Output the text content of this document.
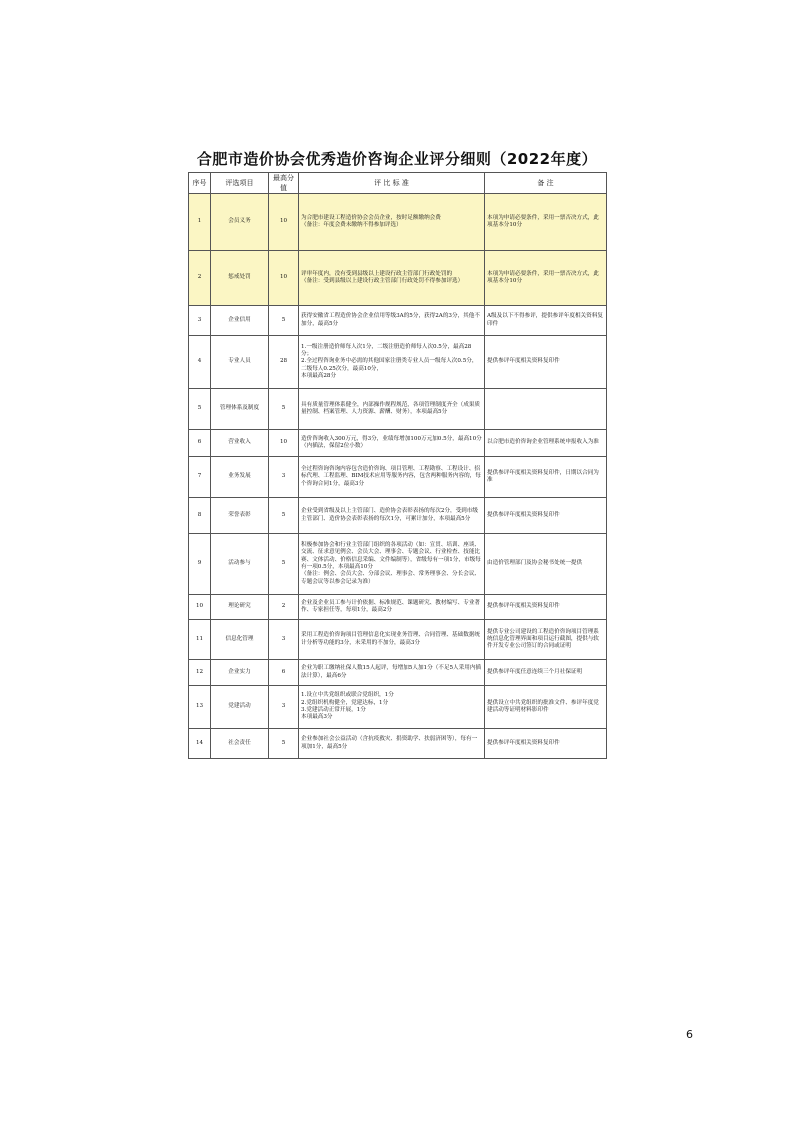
合肥市造价协会优秀造价咨询企业评分细则（2022年度）
序号	评选项目	最高分值	评 比 标 准	备 注
1	会员义务	10	为合肥市建设工程造价协会会员企业，按时足额缴纳会费
（备注：年度会费未缴纳不得参加评选）	本项为申请必要条件，采用一票否决方式，此项基本分10分
2	惩戒处罚	10	评审年度内，没有受到县级以上建设行政主管部门行政处罚的
（备注：受到县级以上建设行政主管部门行政处罚不得参加评选）	本项为申请必要条件，采用一票否决方式，此项基本分10分
3	企业信用	5	获得安徽省工程造价协会企业信用等级3A的5分，获得2A的3分，其他不加分，最高5分	A级及以下不得参评，提供参评年度相关资料复印件
4	专业人员	28	1.一级注册造价师每人次1分，二级注册造价师每人次0.5分，最高28分；
2.全过程咨询业务中必需的其他国家注册类专业人员一级每人次0.5分，二级每人0.25次分，最高10分，
本项最高28分	提供参评年度相关资料复印件
5	管理体系及制度	5	具有质量管理体系健全，内部操作规程规范，各项管理制度齐全（成果质量控制、档案管理、人力资源、薪酬、财务），本项最高5分	

6	营业收入	10	造价咨询收入300万元，得3分，业绩每增加100万元加0.5分，最高10分　（内插法，保留2位小数）	以合肥市造价咨询企业管理系统申报收入为准
7	业务发展	3	全过程咨询咨询内容包含造价咨询、项目管理、工程勘察、工程设计、招标代理、工程监理、BIM技术应用等服务内容，包含两种服务内容的，每个咨询合同1分，最高3分	提供参评年度相关资料复印件，日期以合同为准
8	荣誉表彰	5	企业受到省级及以上主管部门、造价协会表彰表扬的每次2分，受到市级主管部门、造价协会表彰表扬的每次1分，可累计加分，本项最高5分	提供参评年度相关资料复印件
9	活动参与	5	积极参加协会和行业主管部门组织的各项活动（如：宣贯、培训、座谈、交流、征求意见例会、会员大会、理事会、专题会议、行业检查、技能比赛、文体活动、价格信息采编、文件编制等），省级每有一项1分，市级每有一项0.5分，本项最高10分
（备注：例会、会员大会、分部会议、理事会、常务理事会、分长会议、专题会议等以参会记录为准）	由造价管理部门及协会秘书处统一提供
10	理论研究	2	企业及企业员工参与计价依据、标准规范、课题研究、教材编写、专业著作、专家担任等，每项1分，最高2分	提供参评年度相关资料复印件
11	信息化管理	3	采用工程造价咨询项目管理信息化实现业务管理、合同管理、基础数据统计分析等功能的3分，未采用的不加分，最高3分	提供专业公司建设的工程造价咨询项目管理系统信息化管理界面和项目运行截图，提供与软件开发专业公司签订的合同或证明
12	企业实力	6	企业为职工缴纳社保人数15人起评，每增加5人加1分（不足5人采用内插法计算），最高6分	提供参评年度任意连续三个月社保证明
13	党建活动	3	1.设立中共党组织或联合党组织，1分
2.党组织机构健全，党建达标，1分
3.党建活动正常开展，1分
本项最高3分	提供设立中共党组织的批准文件、参评年度党建活动等证明材料影印件
14	社会责任	5	企业参加社会公益活动（含抗疫救灾、捐资助学、扶弱济困等），每有一项加1分，最高5分	提供参评年度相关资料复印件
6
